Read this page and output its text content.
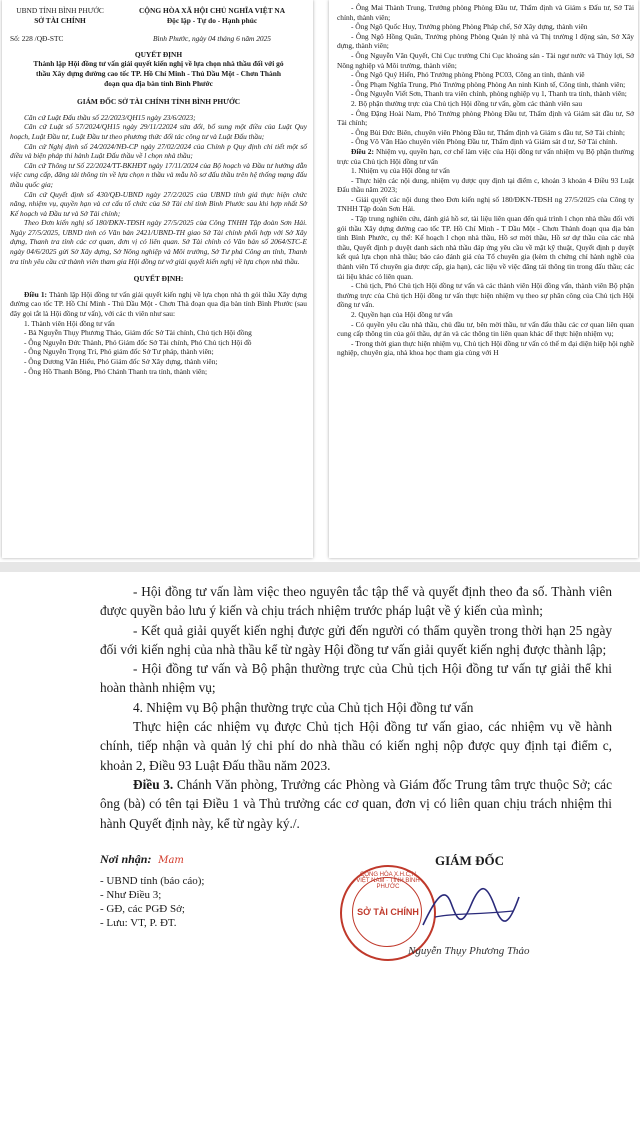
UBND TỈNH BÌNH PHƯỚC
SỞ TÀI CHÍNH
Số: 228 /QĐ-STC
CỘNG HÒA XÃ HỘI CHỦ NGHĨA VIỆT NA
Độc lập - Tự do - Hạnh phúc
Bình Phước, ngày 04 tháng 6 năm 2025
QUYẾT ĐỊNH
Thành lập Hội đồng tư vấn giải quyết kiến nghị về lựa chọn nhà thầu đối với gó
thầu Xây dựng đường cao tốc TP. Hồ Chí Minh - Thủ Dầu Một - Chơn Thành
đoạn qua địa bàn tỉnh Bình Phước
GIÁM ĐỐC SỞ TÀI CHÍNH TỈNH BÌNH PHƯỚC

Căn cứ Luật Đấu thầu số 22/2023/QH15 ngày 23/6/2023;

Căn cứ Luật số 57/2024/QH15 ngày 29/11/22024 sửa đổi, bổ sung một điều của Luật Quy hoạch, Luật Đầu tư, Luật Đầu tư theo phương thức đối tác công tư và Luật Đấu thầu;

Căn cứ Nghị định số 24/2024/NĐ-CP ngày 27/02/2024 của Chính p Quy định chi tiết một số điều và biện pháp thi hành Luật Đấu thầu về l chọn nhà thầu;

Căn cứ Thông tư Số 22/2024/TT-BKHĐT ngày 17/11/2024 của Bộ hoạch và Đầu tư hướng dẫn việc cung cấp, đăng tải thông tin về lựa chọn n thầu và mẫu hồ sơ đấu thầu trên hệ thống mạng đấu thầu quốc gia;

Căn cứ Quyết định số 430/QĐ-UBND ngày 27/2/2025 của UBND tỉnh giá thực hiện chức năng, nhiệm vụ, quyền hạn và cơ cấu tổ chức của Sở Tài chí tỉnh Bình Phước sau khi hợp nhất Sở Kế hoạch và Đầu tư và Sở Tài chính;

Theo Đơn kiến nghị số 180/ĐKN-TĐSH ngày 27/5/2025 của Công TNHH Tập đoàn Sơn Hải. Ngày 27/5/2025, UBND tỉnh có Văn bản 2421/UBND-TH giao Sở Tài chính phối hợp với Sở Xây dựng, Thanh tra tỉnh các cơ quan, đơn vị có liên quan. Sở Tài chính có Văn bản số 2064/STC-E ngày 04/6/2025 gửi Sở Xây dựng, Sở Nông nghiệp và Môi trường, Sở Tư phá Công an tỉnh, Thanh tra tỉnh yêu cầu cử thành viên tham gia Hội đồng tư vớ giải quyết kiến nghị về lựa chọn nhà thầu.

QUYẾT ĐỊNH:

Điều 1: Thành lập Hội đồng tư vấn giải quyết kiến nghị về lựa chọn nhà th gói thầu Xây dựng đường cao tốc TP. Hồ Chí Minh - Thủ Dầu Một - Chơn Thà đoạn qua địa bàn tỉnh Bình Phước (sau đây gọi tắt là Hội đồng tư vấn), với các th viên như sau:

1. Thành viên Hội đồng tư vấn

- Bà Nguyễn Thụy Phương Thảo, Giám đốc Sở Tài chính, Chủ tịch Hội đồng

- Ông Nguyễn Đức Thành, Phó Giám đốc Sở Tài chính, Phó Chủ tịch Hội đồ

- Ông Nguyễn Trọng Trí, Phó giám đốc Sở Tư pháp, thành viên;

- Ông Dương Văn Hiếu, Phó Giám đốc Sở Xây dựng, thành viên;

- Ông Hồ Thanh Bông, Phó Chánh Thanh tra tỉnh, thành viên;

- Ông Mai Thành Trung, Trưởng phòng Phòng Đầu tư, Thẩm định và Giám s Đấu tư, Sở Tài chính, thành viên;

- Ông Ngô Quốc Huy, Trưởng phòng Phòng Pháp chế, Sở Xây dựng, thành viên

- Ông Ngô Hồng Quân, Trưởng phòng Phòng Quản lý nhà và Thị trường l động sản, Sở Xây dựng, thành viên;

- Ông Nguyễn Văn Quyết, Chi Cục trưởng Chi Cục khoáng sản - Tài ngư nước và Thủy lợi, Sở Nông nghiệp và Môi trường, thành viên;

- Ông Ngô Quý Hiển, Phó Trưởng phòng Phòng PC03, Công an tỉnh, thành viê

- Ông Phạm Nghĩa Trung, Phó Trưởng phòng Phòng An ninh Kinh tế, Công tỉnh, thành viên;

- Ông Nguyễn Viết Sơn, Thanh tra viên chính, phòng nghiệp vụ 1, Thanh tra tỉnh, thành viên;

2. Bộ phận thường trực của Chủ tịch Hội đồng tư vấn, gồm các thành viên sau

- Ông Đặng Hoài Nam, Phó Trưởng phòng Phòng Đầu tư, Thẩm định và Giám sát đầu tư, Sở Tài chính;

- Ông Bùi Đức Biên, chuyên viên Phòng Đầu tư, Thẩm định và Giám s đầu tư, Sở Tài chính;

- Ông Võ Văn Hào chuyên viên Phòng Đầu tư, Thẩm định và Giám sát đ tư, Sở Tài chính.

Điều 2: Nhiệm vụ, quyền hạn, cơ chế làm việc của Hội đồng tư vấn nhiệm vụ Bộ phận thường trực của Chủ tịch Hội đồng tư vấn

1. Nhiệm vụ của Hội đồng tư vấn

- Thực hiện các nội dung, nhiệm vụ được quy định tại điểm c, khoản 3 khoản 4 Điều 93 Luật Đấu thầu năm 2023;

- Giải quyết các nội dung theo Đơn kiến nghị số 180/ĐKN-TĐSH ng 27/5/2025 của Công ty TNHH Tập đoàn Sơn Hải.

- Tập trung nghiên cứu, đánh giá hồ sơ, tài liệu liên quan đến quá trình l chọn nhà thầu đối với gói thầu Xây dựng đường cao tốc TP. Hồ Chí Minh - T Dầu Một - Chơn Thành đoạn qua địa bàn tỉnh Bình Phước, cụ thể: Kế hoạch l chọn nhà thầu, Hồ sơ mời thầu, Hồ sơ dự thầu của các nhà thầu, Quyết định p duyệt danh sách nhà thầu đáp ứng yêu cầu về mặt kỹ thuật, Quyết định p duyệt kết quả lựa chọn nhà thầu; báo cáo đánh giá của Tổ chuyên gia (kèm th chứng chỉ hành nghề của thành viên Tổ chuyên gia được cấp, gia hạn), các liệu về việc đăng tải thông tin trong đấu thầu; các tài liệu khác có liên quan.

- Chủ tịch, Phó Chủ tịch Hội đồng tư vấn và các thành viên Hội đồng vấn, thành viên Bộ phận thường trực của Chủ tịch Hội đồng tư vấn thực hiện nhiệm vụ theo sự phân công của Chủ tịch Hội đồng tư vấn.

2. Quyền hạn của Hội đồng tư vấn

- Có quyền yêu cầu nhà thầu, chủ đầu tư, bên mời thầu, tư vấn đấu thầu các cơ quan liên quan cung cấp thông tin của gói thầu, dự án và các thông tin liên quan khác để thực hiện nhiệm vụ;

- Trong thời gian thực hiện nhiệm vụ, Chủ tịch Hội đồng tư vấn có thể m đại diện hiệp hội nghề nghiệp, chuyên gia, nhà khoa học tham gia cùng với H

- Hội đồng tư vấn làm việc theo nguyên tắc tập thể và quyết định theo đa số. Thành viên được quyền bảo lưu ý kiến và chịu trách nhiệm trước pháp luật về ý kiến của mình;

- Kết quả giải quyết kiến nghị được gửi đến người có thẩm quyền trong thời hạn 25 ngày đối với kiến nghị của nhà thầu kể từ ngày Hội đồng tư vấn giải quyết kiến nghị được thành lập;

- Hội đồng tư vấn và Bộ phận thường trực của Chủ tịch Hội đồng tư vấn tự giải thể khi hoàn thành nhiệm vụ;

4. Nhiệm vụ Bộ phận thường trực của Chủ tịch Hội đồng tư vấn

Thực hiện các nhiệm vụ được Chủ tịch Hội đồng tư vấn giao, các nhiệm vụ về hành chính, tiếp nhận và quản lý chi phí do nhà thầu có kiến nghị nộp được quy định tại điểm c, khoản 2, Điều 93 Luật Đấu thầu năm 2023.

Điều 3. Chánh Văn phòng, Trưởng các Phòng và Giám đốc Trung tâm trực thuộc Sở; các ông (bà) có tên tại Điều 1 và Thủ trưởng các cơ quan, đơn vị có liên quan chịu trách nhiệm thi hành Quyết định này, kể từ ngày ký./.

Nơi nhận: Mam
- UBND tỉnh (báo cáo);
- Như Điều 3;
- GĐ, các PGĐ Sở;
- Lưu: VT, P. ĐT.
GIÁM ĐỐC
CỘNG HÒA X.H.C.N VIỆT NAM · TỈNH BÌNH PHƯỚC
SỞ TÀI CHÍNH
Nguyễn Thụy Phương Thảo
